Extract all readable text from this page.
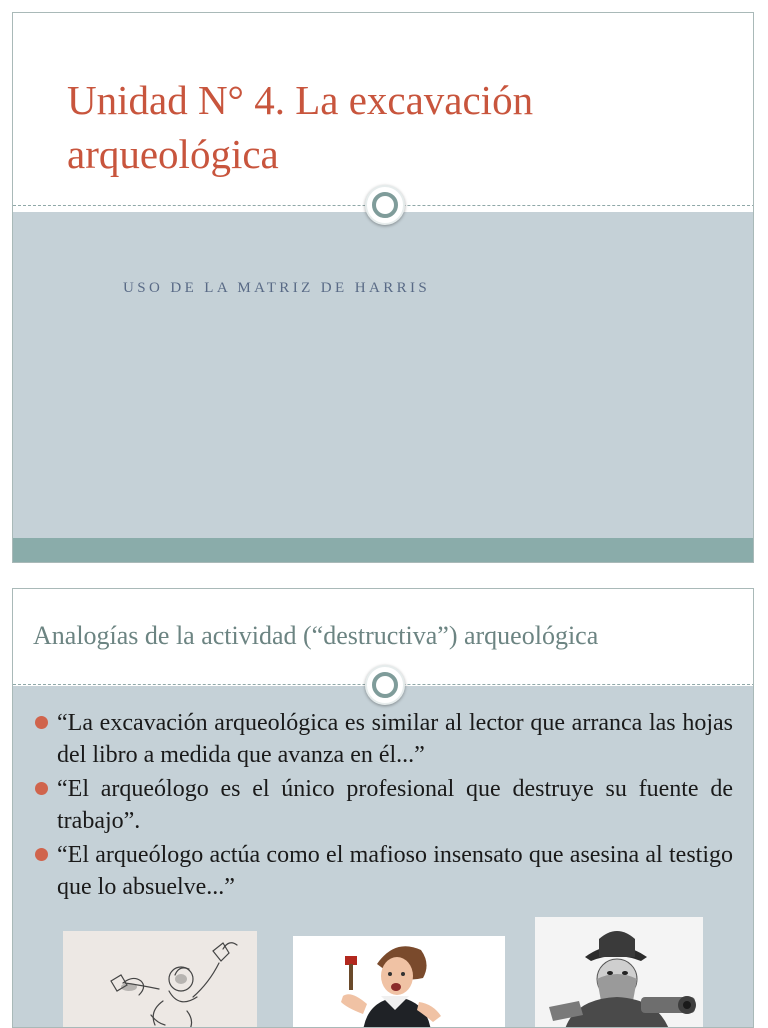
Unidad N° 4. La excavación
arqueológica
USO DE LA MATRIZ DE HARRIS
Analogías de la actividad (“destructiva”) arqueológica
“La excavación arqueológica es similar al lector que arranca las hojas del libro a medida que avanza en él...”
“El arqueólogo es el único profesional que destruye su fuente de trabajo”.
“El arqueólogo actúa como el mafioso insensato que asesina al testigo que lo absuelve...”
